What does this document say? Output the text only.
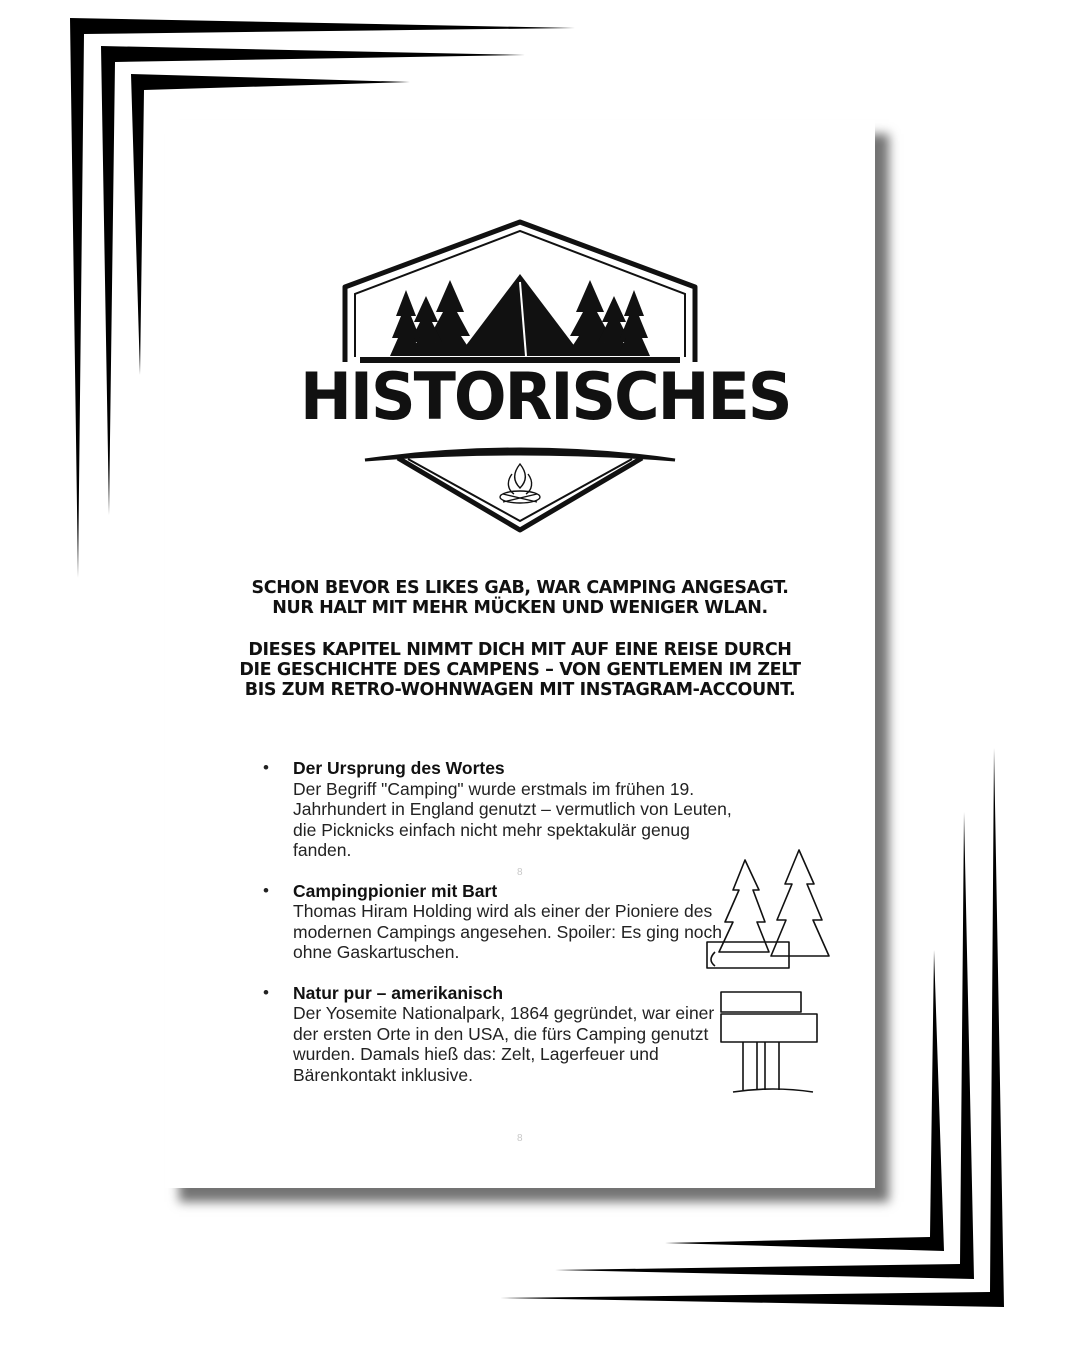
HISTORISCHES
SCHON BEVOR ES LIKES GAB, WAR CAMPING ANGESAGT. NUR HALT MIT MEHR MÜCKEN UND WENIGER WLAN.
DIESES KAPITEL NIMMT DICH MIT AUF EINE REISE DURCH DIE GESCHICHTE DES CAMPENS – VON GENTLEMEN IM ZELT BIS ZUM RETRO-WOHNWAGEN MIT INSTAGRAM-ACCOUNT.
• Der Ursprung des Wortes
Der Begriff "Camping" wurde erstmals im frühen 19. Jahrhundert in England genutzt – vermutlich von Leuten, die Picknicks einfach nicht mehr spektakulär genug fanden.
• Campingpionier mit Bart
Thomas Hiram Holding wird als einer der Pioniere des modernen Campings angesehen. Spoiler: Es ging noch ohne Gaskartuschen.
• Natur pur – amerikanisch
Der Yosemite Nationalpark, 1864 gegründet, war einer der ersten Orte in den USA, die fürs Camping genutzt wurden. Damals hieß das: Zelt, Lagerfeuer und Bärenkontakt inklusive.
8
8
